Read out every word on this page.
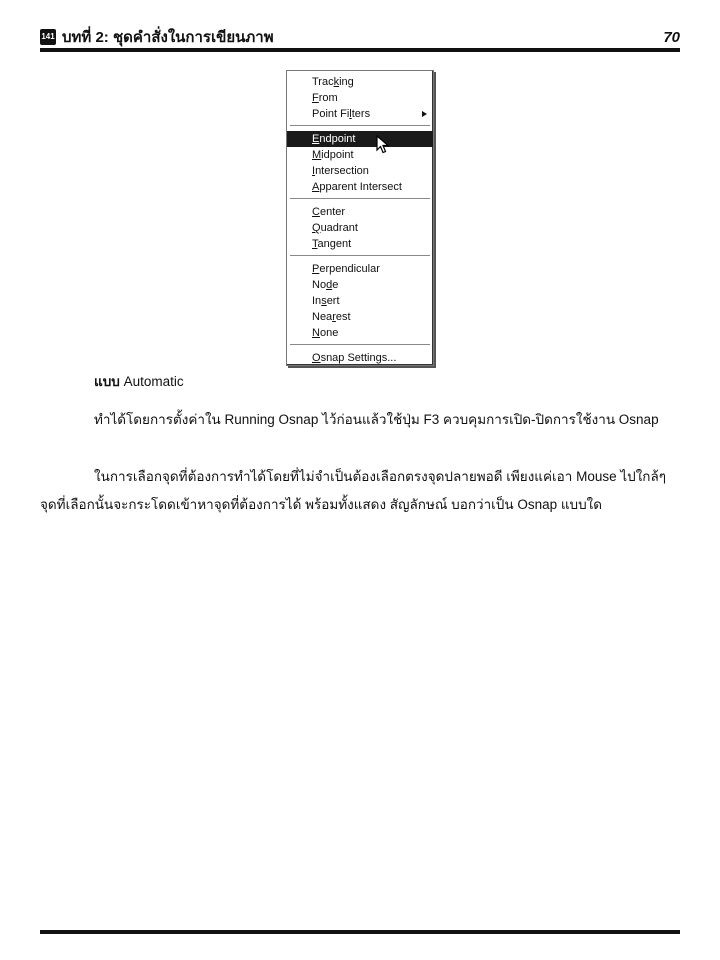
141 บทที่ 2: ชุดคำสั่งในการเขียนภาพ	70
Tracking
From
Point Filters
Endpoint
Midpoint
Intersection
Apparent Intersect
Center
Quadrant
Tangent
Perpendicular
Node
Insert
Nearest
None
Osnap Settings...
แบบ Automatic
ทำได้โดยการตั้งค่าใน Running Osnap ไว้ก่อนแล้วใช้ปุ่ม F3 ควบคุมการเปิด-ปิดการใช้งาน Osnap
ในการเลือกจุดที่ต้องการทำได้โดยที่ไม่จำเป็นต้องเลือกตรงจุดปลายพอดี เพียงแค่เอา Mouse ไปใกล้ๆ จุดที่เลือกนั้นจะกระโดดเข้าหาจุดที่ต้องการได้ พร้อมทั้งแสดง สัญลักษณ์ บอกว่าเป็น Osnap แบบใด
